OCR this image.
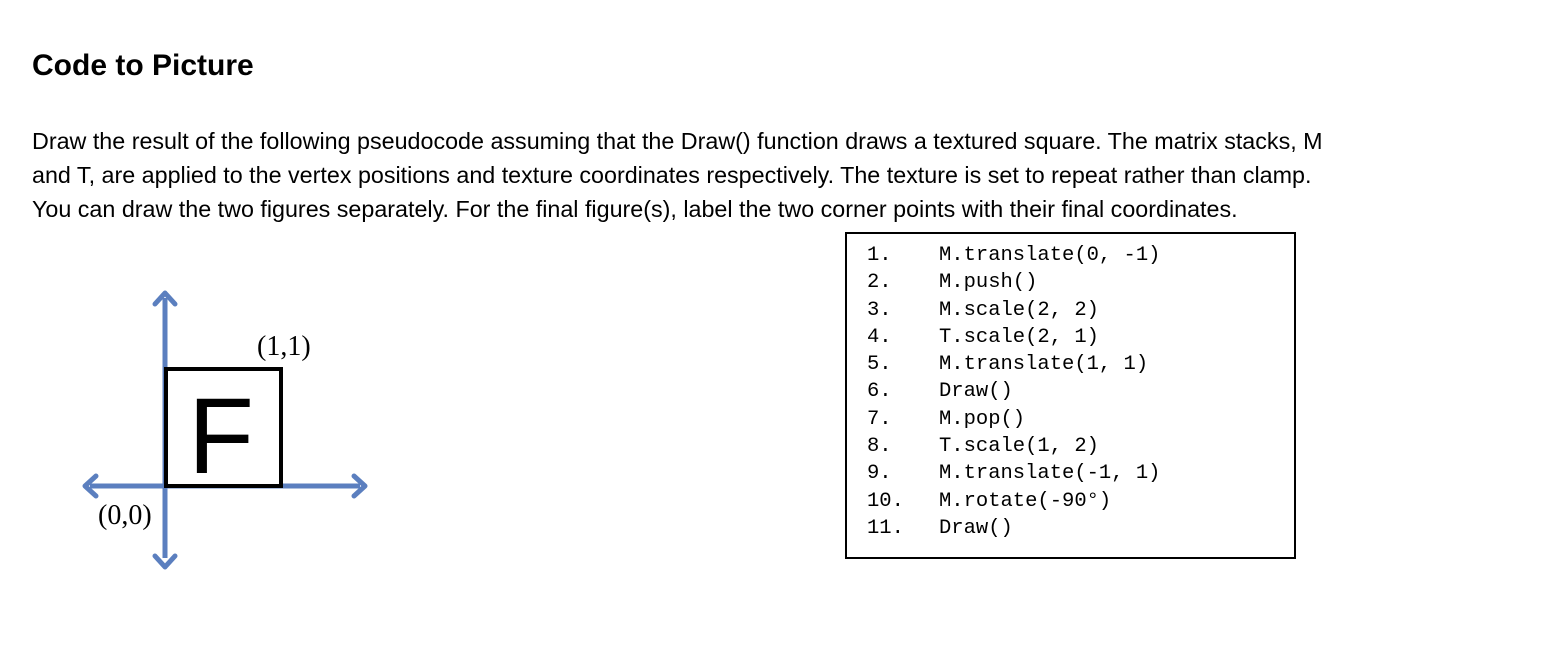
Code to Picture

Draw the result of the following pseudocode assuming that the Draw() function draws a textured square. The matrix stacks, M
and T, are applied to the vertex positions and texture coordinates respectively. The texture is set to repeat rather than clamp.
You can draw the two figures separately. For the final figure(s), label the two corner points with their final coordinates.

F
(1,1)
(0,0)
1. M.translate(0, -1)
2. M.push()
3. M.scale(2, 2)
4. T.scale(2, 1)
5. M.translate(1, 1)
6. Draw()
7. M.pop()
8. T.scale(1, 2)
9. M.translate(-1, 1)
10. M.rotate(-90°)
11. Draw()
